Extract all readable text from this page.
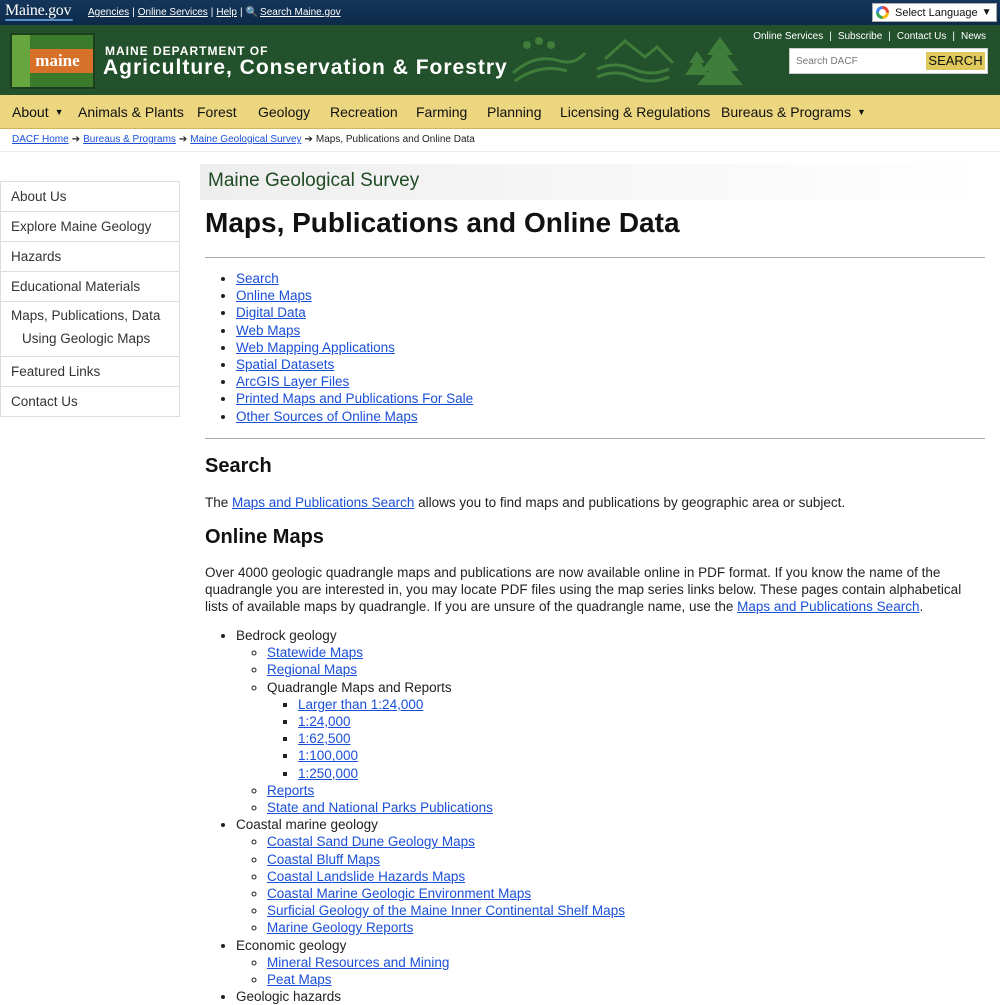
Maine.gov Agencies | Online Services | Help | 🔍 Search Maine.gov	Select Language ▼
maine	MAINE DEPARTMENT OF
Agriculture, Conservation & Forestry
Online Services | Subscribe | Contact Us | News
Search DACF
SEARCH
About ▼ Animals & Plants Forest Geology Recreation Farming Planning Licensing & Regulations Bureaus & Programs ▼
DACF Home ➔ Bureaus & Programs ➔ Maine Geological Survey ➔ Maps, Publications and Online Data
About Us
Explore Maine Geology
Hazards
Educational Materials
Maps, Publications, Data
Using Geologic Maps
Featured Links
Contact Us
Maine Geological Survey
Maps, Publications and Online Data
• Search
• Online Maps
• Digital Data
• Web Maps
• Web Mapping Applications
• Spatial Datasets
• ArcGIS Layer Files
• Printed Maps and Publications For Sale
• Other Sources of Online Maps
Search
The Maps and Publications Search allows you to find maps and publications by geographic area or subject.
Online Maps
Over 4000 geologic quadrangle maps and publications are now available online in PDF format. If you know the name of the quadrangle you are interested in, you may locate PDF files using the map series links below. These pages contain alphabetical lists of available maps by quadrangle. If you are unsure of the quadrangle name, use the Maps and Publications Search.
• Bedrock geology
◦ Statewide Maps
◦ Regional Maps
◦ Quadrangle Maps and Reports
▪ Larger than 1:24,000
▪ 1:24,000
▪ 1:62,500
▪ 1:100,000
▪ 1:250,000
◦ Reports
◦ State and National Parks Publications
• Coastal marine geology
◦ Coastal Sand Dune Geology Maps
◦ Coastal Bluff Maps
◦ Coastal Landslide Hazards Maps
◦ Coastal Marine Geologic Environment Maps
◦ Surficial Geology of the Maine Inner Continental Shelf Maps
◦ Marine Geology Reports
• Economic geology
◦ Mineral Resources and Mining
◦ Peat Maps
• Geologic hazards
